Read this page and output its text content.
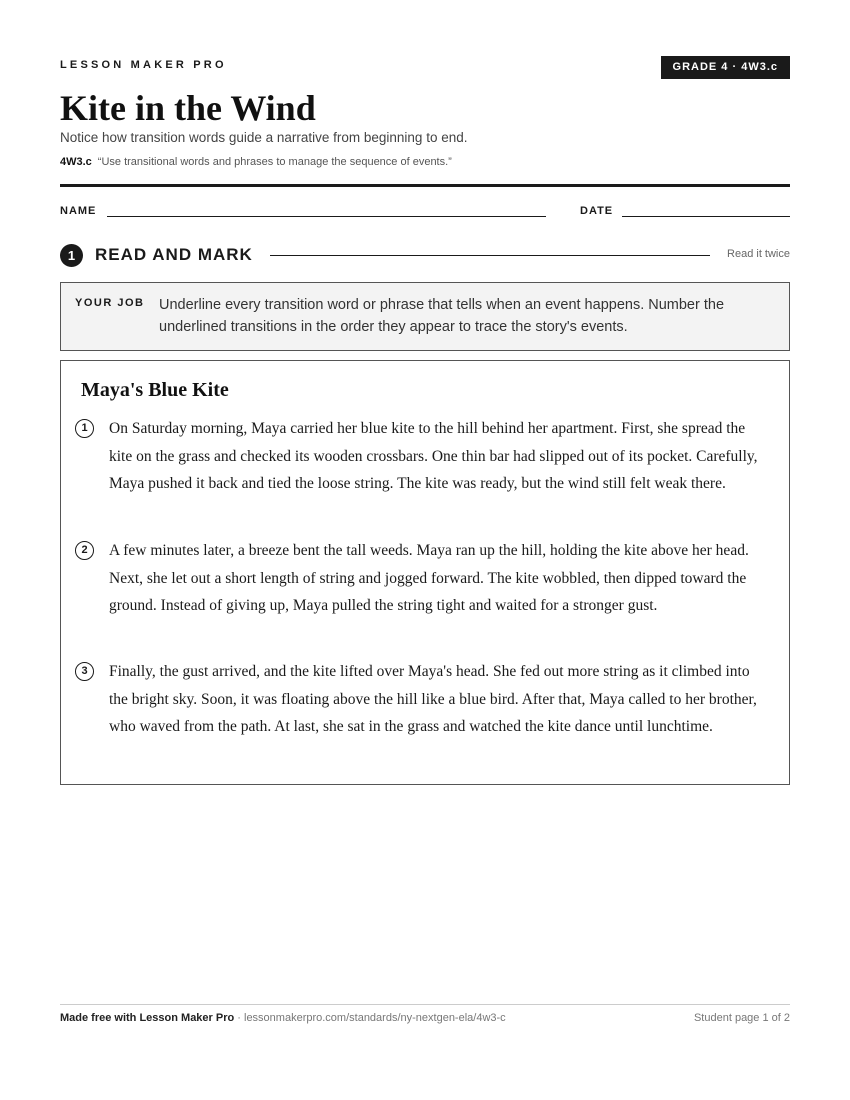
LESSON MAKER PRO	GRADE 4 · 4W3.c
Kite in the Wind

Notice how transition words guide a narrative from beginning to end.

4W3.c “Use transitional words and phrases to manage the sequence of events.”
NAME	DATE
1	READ AND MARK	Read it twice
YOUR JOB Underline every transition word or phrase that tells when an event happens. Number the underlined transitions in the order they appear to trace the story's events.
Maya's Blue Kite
1	On Saturday morning, Maya carried her blue kite to the hill behind her apartment. First, she spread the kite on the grass and checked its wooden crossbars. One thin bar had slipped out of its pocket. Carefully, Maya pushed it back and tied the loose string. The kite was ready, but the wind still felt weak there.
2	A few minutes later, a breeze bent the tall weeds. Maya ran up the hill, holding the kite above her head. Next, she let out a short length of string and jogged forward. The kite wobbled, then dipped toward the ground. Instead of giving up, Maya pulled the string tight and waited for a stronger gust.
3	Finally, the gust arrived, and the kite lifted over Maya's head. She fed out more string as it climbed into the bright sky. Soon, it was floating above the hill like a blue bird. After that, Maya called to her brother, who waved from the path. At last, she sat in the grass and watched the kite dance until lunchtime.
Made free with Lesson Maker Pro · lessonmakerpro.com/standards/ny-nextgen-ela/4w3-c	Student page 1 of 2
